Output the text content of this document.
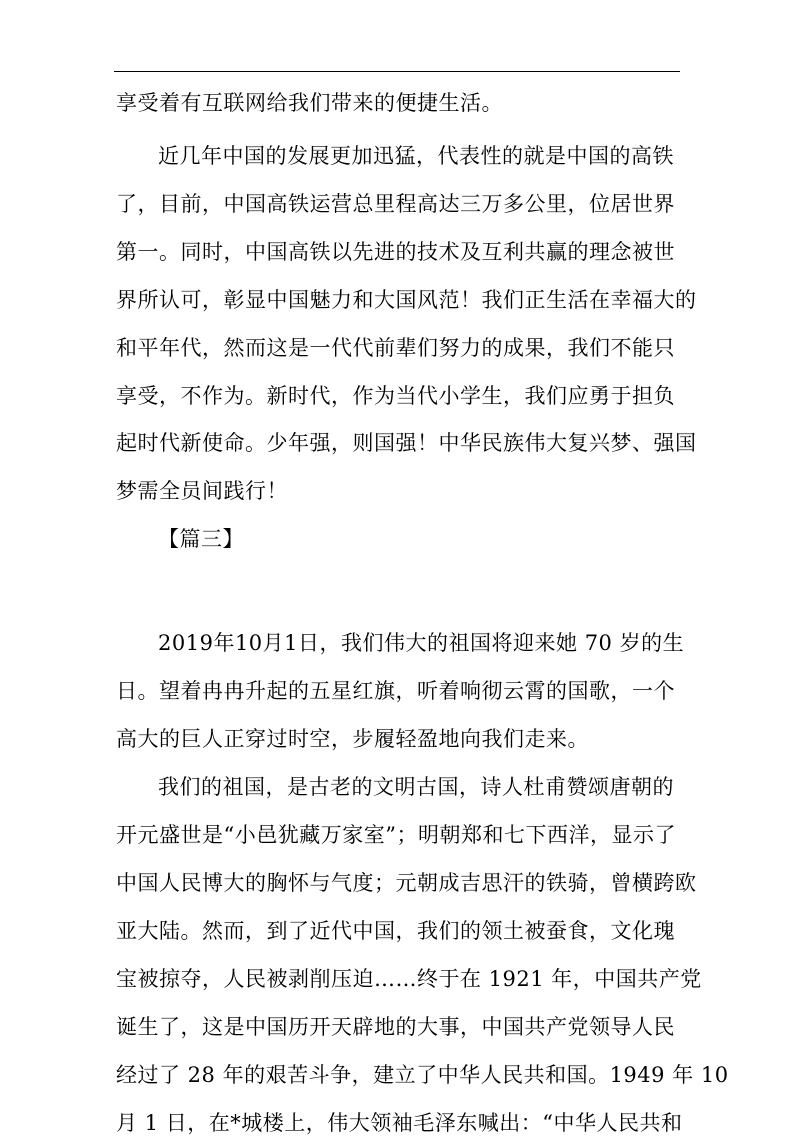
享受着有互联网给我们带来的便捷生活。
近几年中国的发展更加迅猛，代表性的就是中国的高铁
了，目前，中国高铁运营总里程高达三万多公里，位居世界
第一。同时，中国高铁以先进的技术及互利共赢的理念被世
界所认可，彰显中国魅力和大国风范！我们正生活在幸福大的
和平年代，然而这是一代代前辈们努力的成果，我们不能只
享受，不作为。新时代，作为当代小学生，我们应勇于担负
起时代新使命。少年强，则国强！中华民族伟大复兴梦、强国
梦需全员间践行！
【篇三】
2019年10月1日，我们伟大的祖国将迎来她 70 岁的生
日。望着冉冉升起的五星红旗，听着响彻云霄的国歌，一个
高大的巨人正穿过时空，步履轻盈地向我们走来。
我们的祖国，是古老的文明古国，诗人杜甫赞颂唐朝的
开元盛世是“小邑犹藏万家室”；明朝郑和七下西洋，显示了
中国人民博大的胸怀与气度；元朝成吉思汗的铁骑，曾横跨欧
亚大陆。然而，到了近代中国，我们的领土被蚕食，文化瑰
宝被掠夺，人民被剥削压迫……终于在 1921 年，中国共产党
诞生了，这是中国历开天辟地的大事，中国共产党领导人民
经过了 28 年的艰苦斗争，建立了中华人民共和国。1949 年 10
月 1 日，在*城楼上，伟大领袖毛泽东喊出：“中华人民共和
